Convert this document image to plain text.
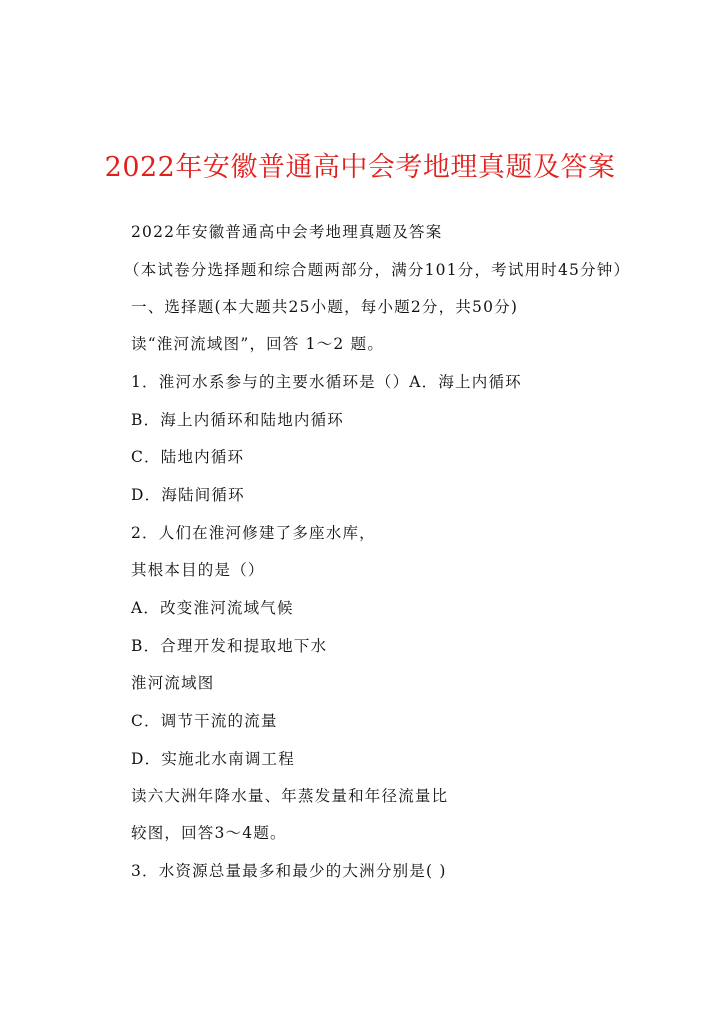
2022年安徽普通高中会考地理真题及答案
2022年安徽普通高中会考地理真题及答案
（本试卷分选择题和综合题两部分，满分101分，考试用时45分钟）
一、选择题(本大题共25小题，每小题2分，共50分)
读“淮河流域图”，回答 1～2 题。
1．淮河水系参与的主要水循环是（）A．海上内循环
B．海上内循环和陆地内循环
C．陆地内循环
D．海陆间循环
2．人们在淮河修建了多座水库，
其根本目的是（）
A．改变淮河流域气候
B．合理开发和提取地下水
淮河流域图
C．调节干流的流量
D．实施北水南调工程
读六大洲年降水量、年蒸发量和年径流量比
较图，回答3～4题。
3．水资源总量最多和最少的大洲分别是( )
